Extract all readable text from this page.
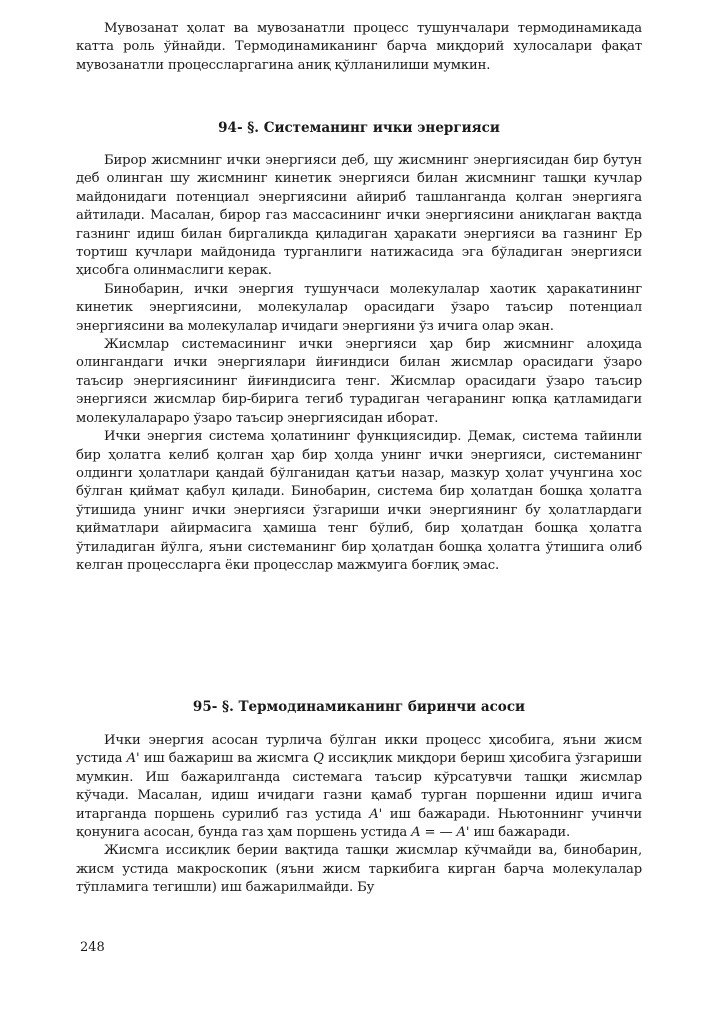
Мувозанат ҳолат ва мувозанатли процесс тушунчалари термодинамикада катта роль ўйнайди. Термодинамиканинг барча миқдорий хулосалари фақат мувозанатли процессларгагина аниқ қўлланилиши мумкин.

94- §. Системанинг ички энергияси

Бирор жисмнинг ички энергияси деб, шу жисмнинг энергиясидан бир бутун деб олинган шу жисмнинг кинетик энергияси билан жисмнинг ташқи кучлар майдонидаги потенциал энергиясини айириб ташлангандa қолган энергияга айтилади. Масалан, бирор газ массасининг ички энергиясини аниқлаган вақтда газнинг идиш билан биргаликда қиладиган ҳаракати энергияси ва газнинг Ер тортиш кучлари майдонида турганлиги натижасида эга бўладиган энергияси ҳисобга олинмаслиги керак.

Бинобарин, ички энергия тушунчаси молекулалар хаотик ҳаракатининг кинетик энергиясини, молекулалар орасидаги ўзаро таъсир потенциал энергиясини ва молекулалар ичидаги энергияни ўз ичига олар экан.

Жисмлар системасининг ички энергияси ҳар бир жисмнинг алоҳида олингандаги ички энергиялари йиғиндиси билан жисмлар орасидаги ўзаро таъсир энергиясининг йиғиндисига тенг. Жисмлар орасидаги ўзаро таъсир энергияси жисмлар бир-бирига тегиб турадиган чегаранинг юпқа қатламидаги молекулаларaро ўзаро таъсир энергиясидан иборат.

Ички энергия система ҳолатининг функциясидир. Демак, система тайинли бир ҳолатга келиб қолган ҳар бир ҳолда унинг ички энергияси, системанинг олдинги ҳолатлари қандай бўлганидан қатъи назар, мазкур ҳолат учунгина хос бўлган қиймат қабул қилади. Бинобарин, система бир ҳолатдан бошқа ҳолатга ўтишида унинг ички энергияси ўзгариши ички энергиянинг бу ҳолатлардаги қийматлари айирмасига ҳамиша тенг бўлиб, бир ҳолатдан бошқа ҳолатга ўтиладиган йўлга, яъни системанинг бир ҳолатдан бошқа ҳолатга ўтишига олиб келган процессларга ёки процесслар мажмуига боғлиқ эмас.

95- §. Термодинамиканинг биринчи асоси

Ички энергия асосан турлича бўлган икки процесс ҳисобига, яъни жисм устида A' иш бажариш ва жисмга Q иссиқлик миқдори бериш ҳисобига ўзгариши мумкин. Иш бажарилганда системага таъсир кўрсатувчи ташқи жисмлар кўчади. Масалан, идиш ичидаги газни қамаб турган поршенни идиш ичига итарганда поршень сурилиб газ устида A' иш бажаради. Ньютоннинг учинчи қонунига асосан, бунда газ ҳам поршень устида A = — A' иш бажаради.

Жисмга иссиқлик берии вақтида ташқи жисмлар кўчмайди ва, бинобарин, жисм устида макроскопик (яъни жисм таркибига кирган барча молекулалар тўпламига тегишли) иш бажарилмайди. Бу

248
